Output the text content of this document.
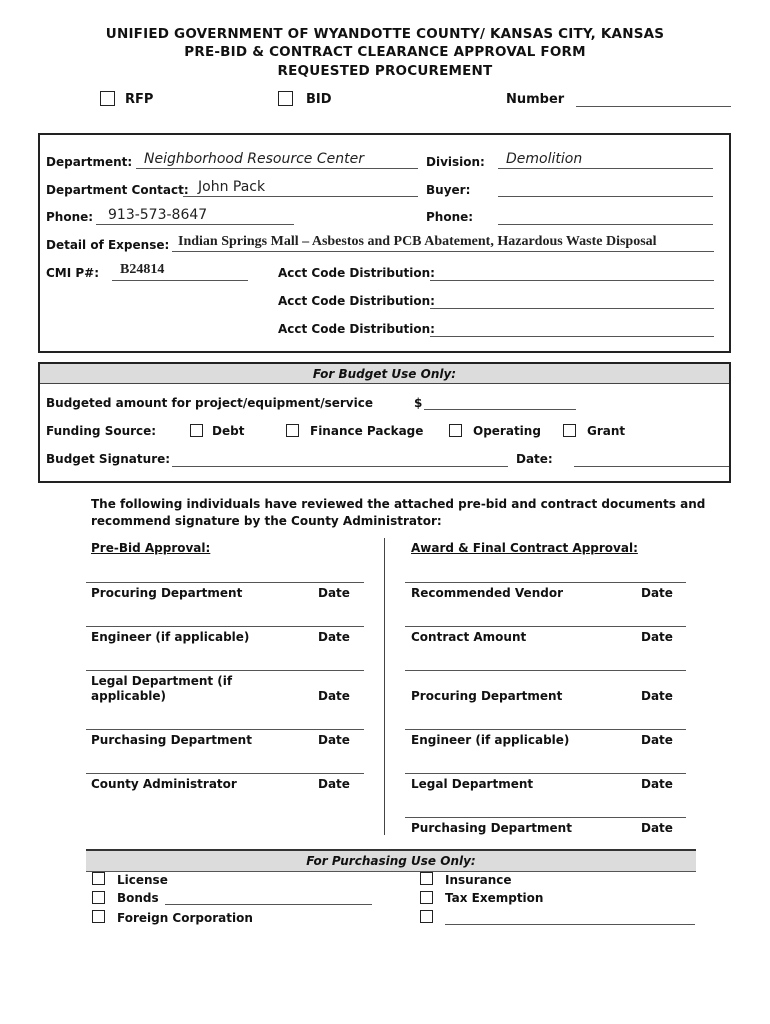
UNIFIED GOVERNMENT OF WYANDOTTE COUNTY/ KANSAS CITY, KANSAS
PRE-BID & CONTRACT CLEARANCE APPROVAL FORM
REQUESTED PROCUREMENT
RFP	BID	Number
Department: Neighborhood Resource Center	Division: Demolition
Department Contact: John Pack	Buyer:
Phone: 913-573-8647	Phone:
Detail of Expense: Indian Springs Mall – Asbestos and PCB Abatement, Hazardous Waste Disposal
CMI P#: B24814	Acct Code Distribution:
Acct Code Distribution:
Acct Code Distribution:
For Budget Use Only:
Budgeted amount for project/equipment/service	$
Funding Source:	Debt	Finance Package	Operating	Grant
Budget Signature:	Date:
The following individuals have reviewed the attached pre-bid and contract documents and
recommend signature by the County Administrator:
Pre-Bid Approval:	Award & Final Contract Approval:
Procuring Department	Date
Engineer (if applicable)	Date
Legal Department (if
applicable)	Date
Purchasing Department	Date
County Administrator	Date
Recommended Vendor	Date
Contract Amount	Date
Procuring Department	Date
Engineer (if applicable)	Date
Legal Department	Date
Purchasing Department	Date
For Purchasing Use Only:
License
Bonds
Foreign Corporation
Insurance
Tax Exemption
